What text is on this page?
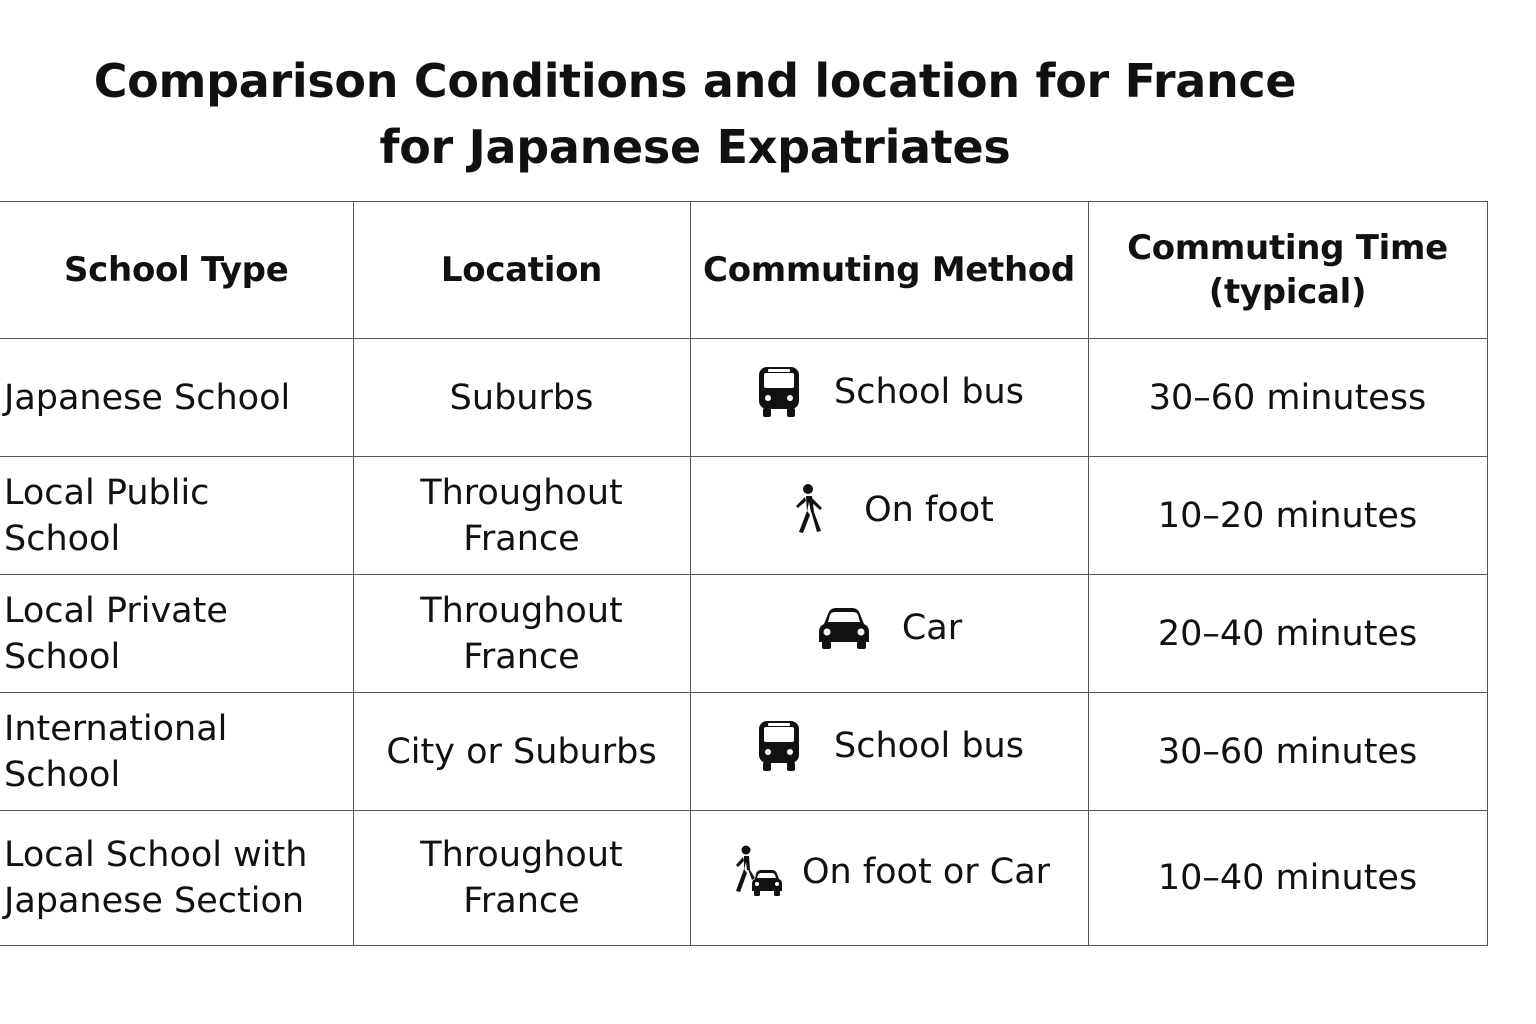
Comparison Conditions and location for France
for Japanese Expatriates
School Type	Location	Commuting Method	Commuting Time
(typical)
Japanese School	Suburbs	School bus	30–60 minutess
Local Public School	Throughout France	On foot	10–20 minutes
Local Private School	Throughout France	Car	20–40 minutes
International School	City or Suburbs	School bus	30–60 minutes
Local School with Japanese Section	Throughout France	On foot or Car	10–40 minutes
